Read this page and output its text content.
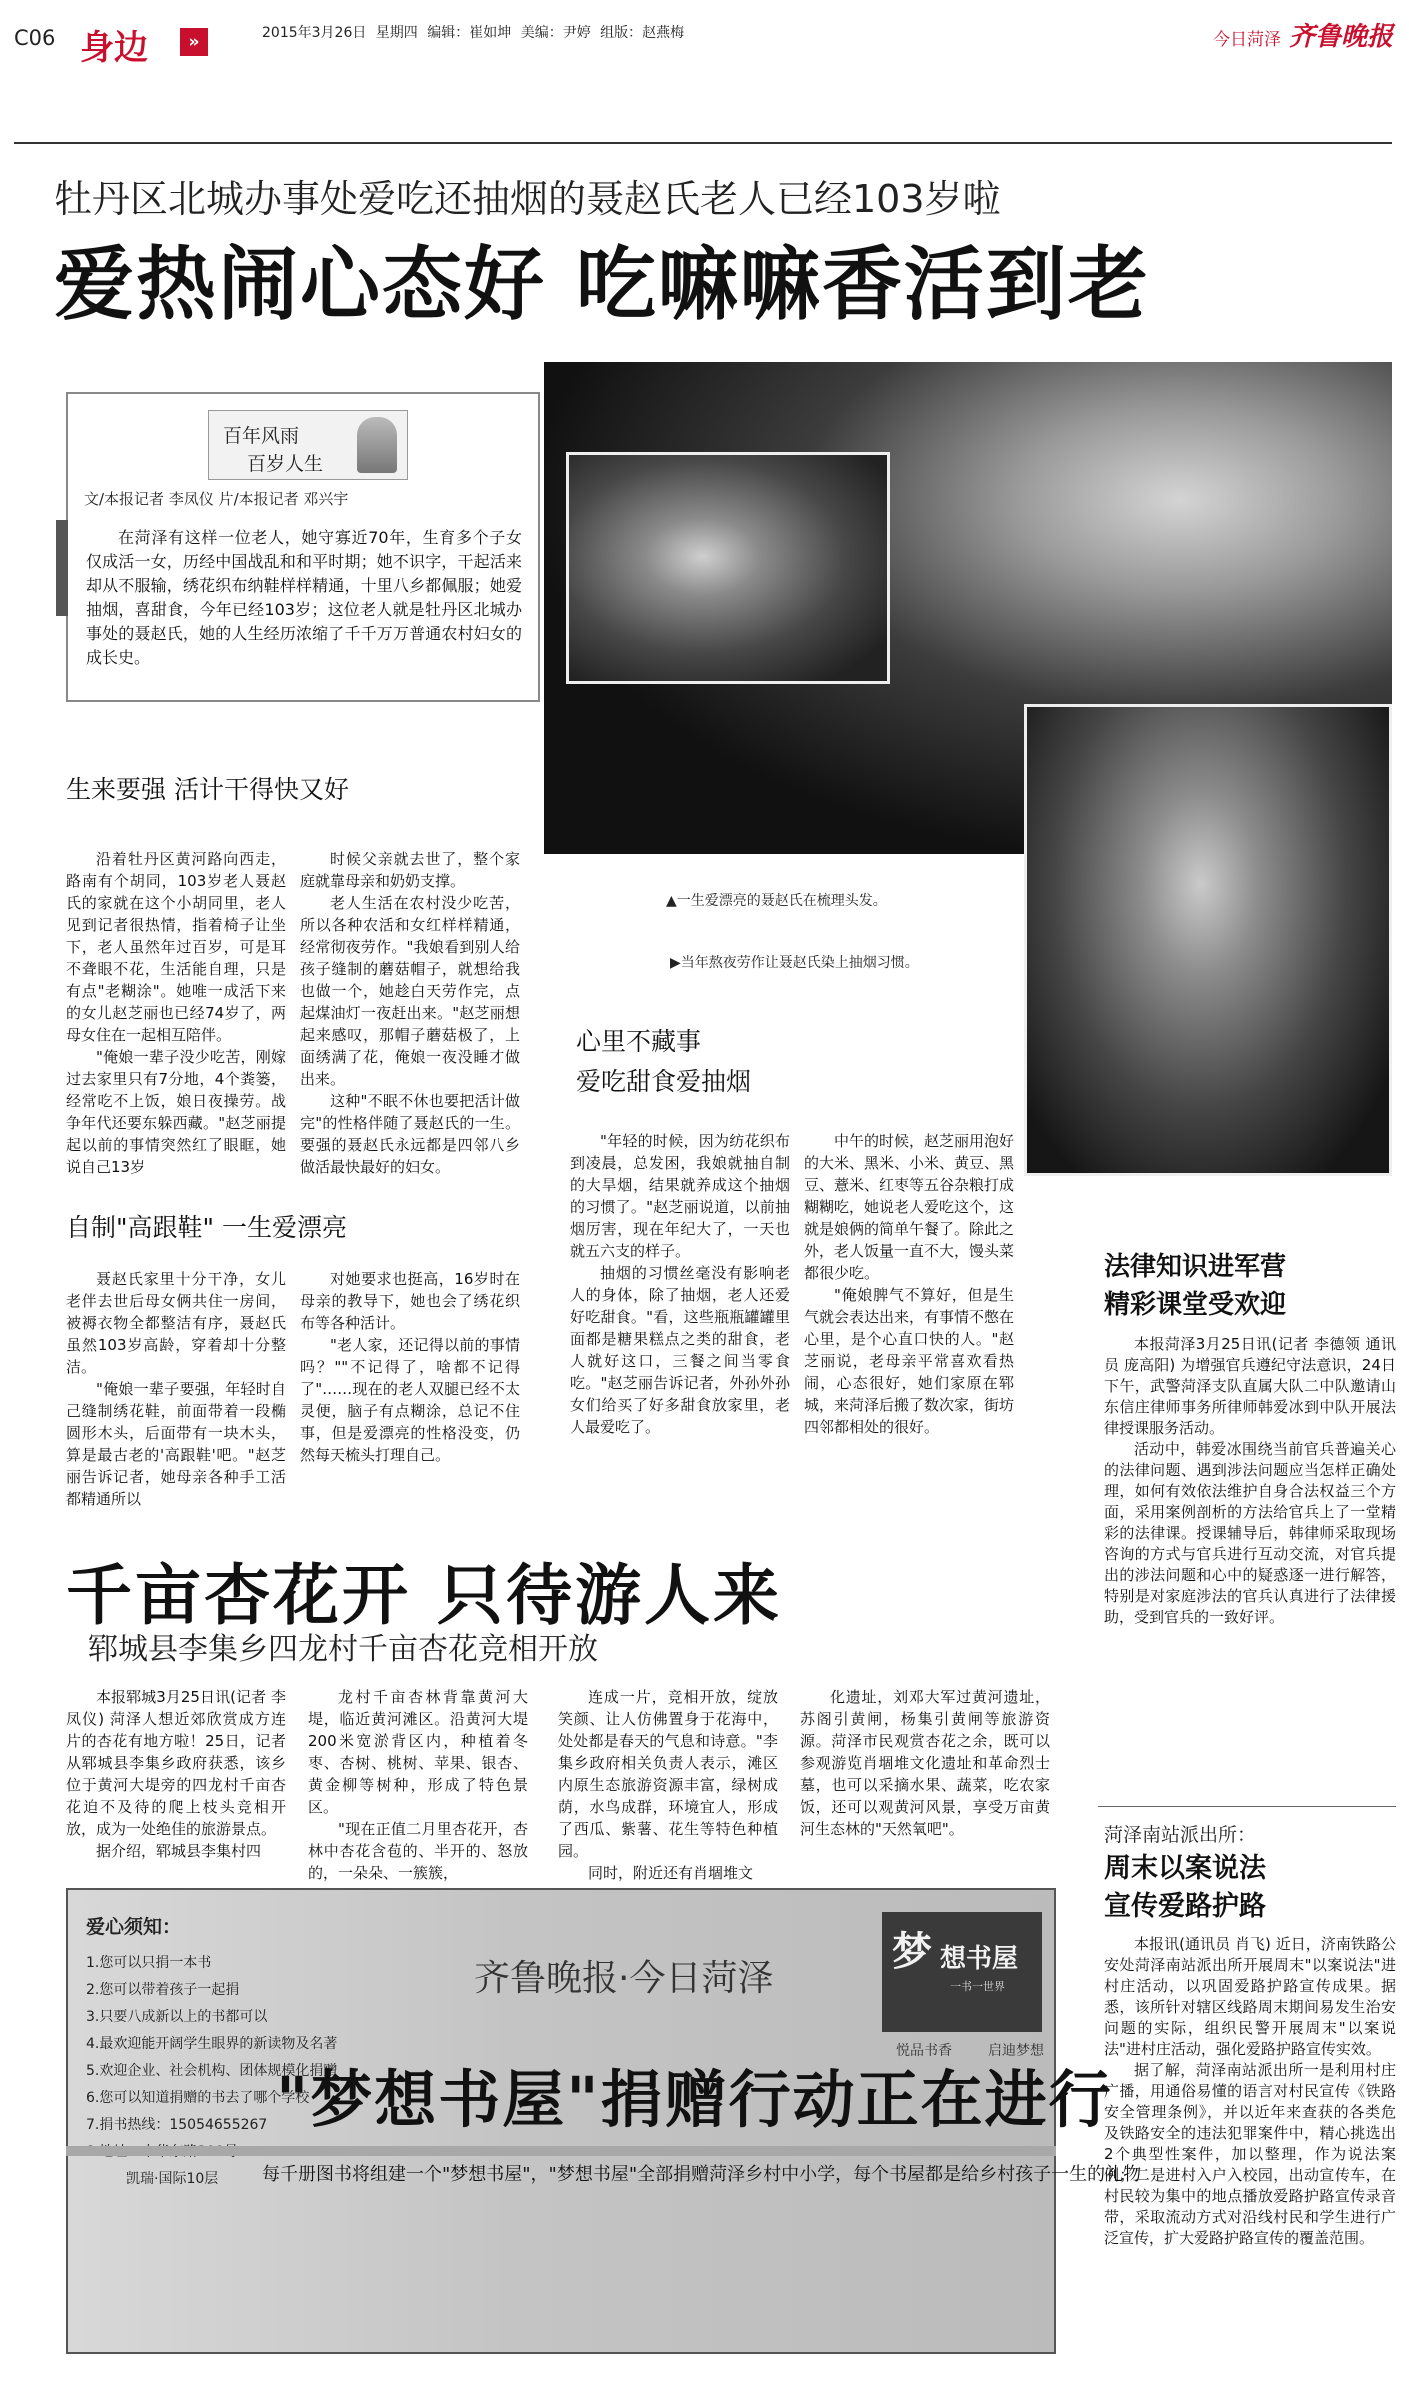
C06 身边	»	2015年3月26日 星期四 编辑：崔如坤 美编：尹婷 组版：赵燕梅	今日菏泽 齐鲁晚报
牡丹区北城办事处爱吃还抽烟的聂赵氏老人已经103岁啦
爱热闹心态好 吃嘛嘛香活到老
百年风雨
百岁人生
文/本报记者 李凤仪 片/本报记者 邓兴宇
在菏泽有这样一位老人，她守寡近70年，生育多个子女仅成活一女，历经中国战乱和和平时期；她不识字，干起活来却从不服输，绣花织布纳鞋样样精通，十里八乡都佩服；她爱抽烟，喜甜食，今年已经103岁；这位老人就是牡丹区北城办事处的聂赵氏，她的人生经历浓缩了千千万万普通农村妇女的成长史。
▲一生爱漂亮的聂赵氏在梳理头发。
▶当年熬夜劳作让聂赵氏染上抽烟习惯。
生来要强 活计干得快又好

沿着牡丹区黄河路向西走，路南有个胡同，103岁老人聂赵氏的家就在这个小胡同里，老人见到记者很热情，指着椅子让坐下，老人虽然年过百岁，可是耳不聋眼不花，生活能自理，只是有点"老糊涂"。她唯一成活下来的女儿赵芝丽也已经74岁了，两母女住在一起相互陪伴。

"俺娘一辈子没少吃苦，刚嫁过去家里只有7分地，4个粪篓，经常吃不上饭，娘日夜操劳。战争年代还要东躲西藏。"赵芝丽提起以前的事情突然红了眼眶，她说自己13岁

时候父亲就去世了，整个家庭就靠母亲和奶奶支撑。

老人生活在农村没少吃苦，所以各种农活和女红样样精通，经常彻夜劳作。"我娘看到别人给孩子缝制的蘑菇帽子，就想给我也做一个，她趁白天劳作完，点起煤油灯一夜赶出来。"赵芝丽想起来感叹，那帽子蘑菇极了，上面绣满了花，俺娘一夜没睡才做出来。

这种"不眠不休也要把活计做完"的性格伴随了聂赵氏的一生。要强的聂赵氏永远都是四邻八乡做活最快最好的妇女。

自制"高跟鞋" 一生爱漂亮

聂赵氏家里十分干净，女儿老伴去世后母女俩共住一房间，被褥衣物全都整洁有序，聂赵氏虽然103岁高龄，穿着却十分整洁。

"俺娘一辈子要强，年轻时自己缝制绣花鞋，前面带着一段椭圆形木头，后面带有一块木头，算是最古老的'高跟鞋'吧。"赵芝丽告诉记者，她母亲各种手工活都精通所以

对她要求也挺高，16岁时在母亲的教导下，她也会了绣花织布等各种活计。

"老人家，还记得以前的事情吗？""不记得了，啥都不记得了"……现在的老人双腿已经不太灵便，脑子有点糊涂，总记不住事，但是爱漂亮的性格没变，仍然每天梳头打理自己。

心里不藏事
爱吃甜食爱抽烟

"年轻的时候，因为纺花织布到凌晨，总发困，我娘就抽自制的大旱烟，结果就养成这个抽烟的习惯了。"赵芝丽说道，以前抽烟厉害，现在年纪大了，一天也就五六支的样子。

抽烟的习惯丝毫没有影响老人的身体，除了抽烟，老人还爱好吃甜食。"看，这些瓶瓶罐罐里面都是糖果糕点之类的甜食，老人就好这口，三餐之间当零食吃。"赵芝丽告诉记者，外孙外孙女们给买了好多甜食放家里，老人最爱吃了。

中午的时候，赵芝丽用泡好的大米、黑米、小米、黄豆、黑豆、薏米、红枣等五谷杂粮打成糊糊吃，她说老人爱吃这个，这就是娘俩的简单午餐了。除此之外，老人饭量一直不大，馒头菜都很少吃。

"俺娘脾气不算好，但是生气就会表达出来，有事情不憋在心里，是个心直口快的人。"赵芝丽说，老母亲平常喜欢看热闹，心态很好，她们家原在郓城，来菏泽后搬了数次家，街坊四邻都相处的很好。

法律知识进军营
精彩课堂受欢迎

本报菏泽3月25日讯(记者 李德领 通讯员 庞高阳) 为增强官兵遵纪守法意识，24日下午，武警菏泽支队直属大队二中队邀请山东信庄律师事务所律师韩爱冰到中队开展法律授课服务活动。

活动中，韩爱冰围绕当前官兵普遍关心的法律问题、遇到涉法问题应当怎样正确处理，如何有效依法维护自身合法权益三个方面，采用案例剖析的方法给官兵上了一堂精彩的法律课。授课辅导后，韩律师采取现场咨询的方式与官兵进行互动交流，对官兵提出的涉法问题和心中的疑惑逐一进行解答，特别是对家庭涉法的官兵认真进行了法律援助，受到官兵的一致好评。

菏泽南站派出所：
周末以案说法
宣传爱路护路

本报讯(通讯员 肖飞) 近日，济南铁路公安处菏泽南站派出所开展周末"以案说法"进村庄活动，以巩固爱路护路宣传成果。据悉，该所针对辖区线路周末期间易发生治安问题的实际，组织民警开展周末"以案说法"进村庄活动，强化爱路护路宣传实效。

据了解，菏泽南站派出所一是利用村庄广播，用通俗易懂的语言对村民宣传《铁路安全管理条例》，并以近年来查获的各类危及铁路安全的违法犯罪案件中，精心挑选出2个典型性案件，加以整理，作为说法案例；二是进村入户入校园，出动宣传车，在村民较为集中的地点播放爱路护路宣传录音带，采取流动方式对沿线村民和学生进行广泛宣传，扩大爱路护路宣传的覆盖范围。

千亩杏花开 只待游人来
郓城县李集乡四龙村千亩杏花竞相开放

本报郓城3月25日讯(记者 李凤仪) 菏泽人想近郊欣赏成方连片的杏花有地方啦！25日，记者从郓城县李集乡政府获悉，该乡位于黄河大堤旁的四龙村千亩杏花迫不及待的爬上枝头竞相开放，成为一处绝佳的旅游景点。

据介绍，郓城县李集村四

龙村千亩杏林背靠黄河大堤，临近黄河滩区。沿黄河大堤200米宽淤背区内，种植着冬枣、杏树、桃树、苹果、银杏、黄金柳等树种，形成了特色景区。

"现在正值二月里杏花开，杏林中杏花含苞的、半开的、怒放的，一朵朵、一簇簇，

连成一片，竞相开放，绽放笑颜、让人仿佛置身于花海中，处处都是春天的气息和诗意。"李集乡政府相关负责人表示，滩区内原生态旅游资源丰富，绿树成荫，水鸟成群，环境宜人，形成了西瓜、紫薯、花生等特色种植园。

同时，附近还有肖堌堆文

化遗址，刘邓大军过黄河遗址，苏阁引黄闸，杨集引黄闸等旅游资源。菏泽市民观赏杏花之余，既可以参观游览肖堌堆文化遗址和革命烈士墓，也可以采摘水果、蔬菜，吃农家饭，还可以观黄河风景，享受万亩黄河生态林的"天然氧吧"。

爱心须知：
1.您可以只捐一本书
2.您可以带着孩子一起捐
3.只要八成新以上的书都可以
4.最欢迎能开阔学生眼界的新读物及名著
5.欢迎企业、社会机构、团体规模化捐赠
6.您可以知道捐赠的书去了哪个学校
7.捐书热线：15054655267
凯瑞·国际10层
齐鲁晚报·今日菏泽
梦 想书屋
一书一世界
悦品书香	启迪梦想
"梦想书屋"捐赠行动正在进行
每千册图书将组建一个"梦想书屋"，"梦想书屋"全部捐赠菏泽乡村中小学，每个书屋都是给乡村孩子一生的礼物
